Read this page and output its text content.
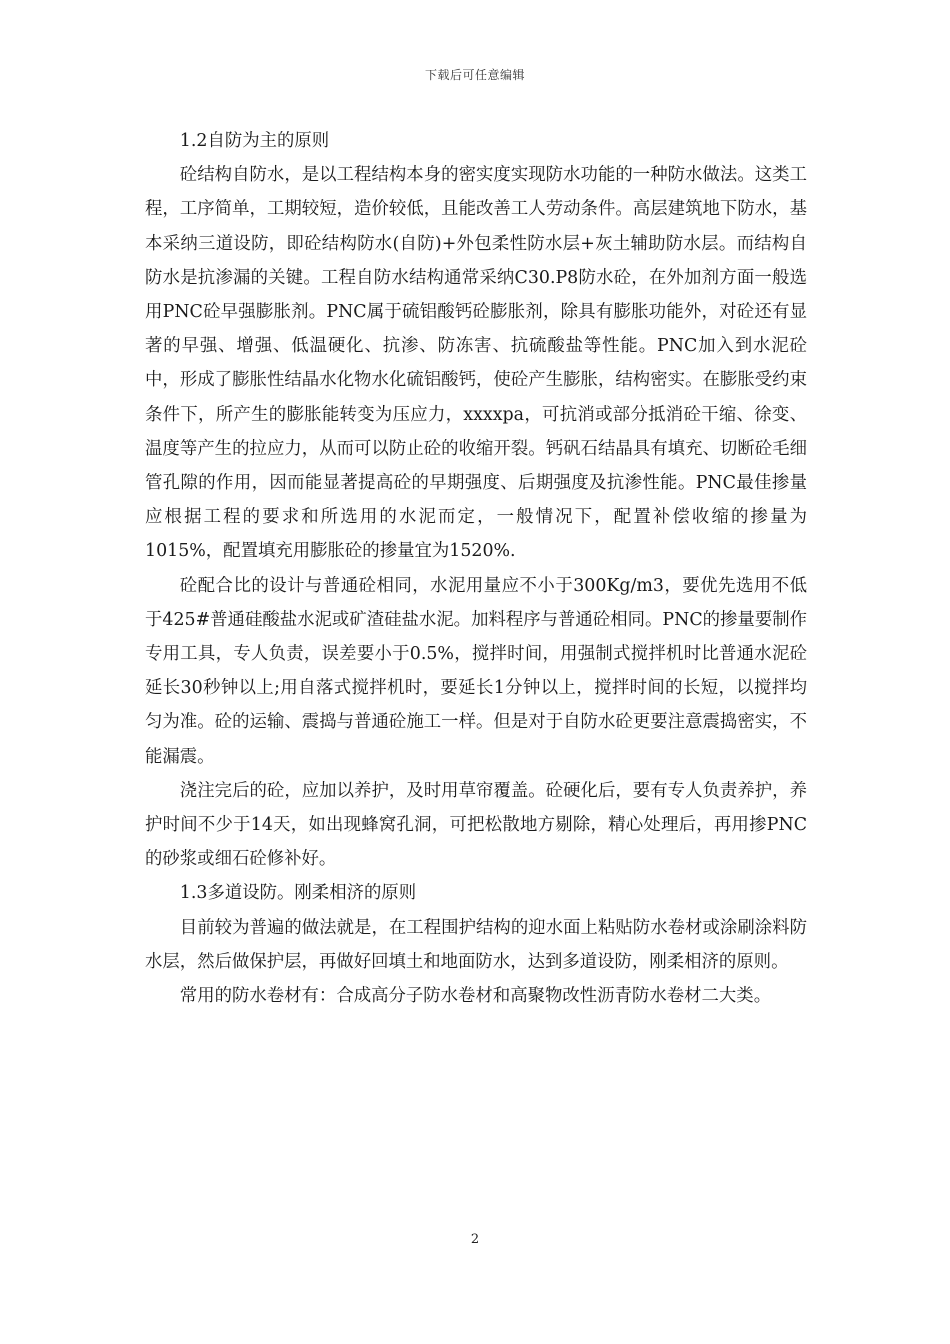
下载后可任意编辑

1.2自防为主的原则

砼结构自防水，是以工程结构本身的密实度实现防水功能的一种防水做法。这类工程，工序简单，工期较短，造价较低，且能改善工人劳动条件。高层建筑地下防水，基本采纳三道设防，即砼结构防水(自防)+外包柔性防水层+灰土辅助防水层。而结构自防水是抗渗漏的关键。工程自防水结构通常采纳C30.P8防水砼，在外加剂方面一般选用PNC砼早强膨胀剂。PNC属于硫铝酸钙砼膨胀剂，除具有膨胀功能外，对砼还有显著的早强、增强、低温硬化、抗渗、防冻害、抗硫酸盐等性能。PNC加入到水泥砼中，形成了膨胀性结晶水化物水化硫铝酸钙，使砼产生膨胀，结构密实。在膨胀受约束条件下，所产生的膨胀能转变为压应力，xxxxpa，可抗消或部分抵消砼干缩、徐变、温度等产生的拉应力，从而可以防止砼的收缩开裂。钙矾石结晶具有填充、切断砼毛细管孔隙的作用，因而能显著提高砼的早期强度、后期强度及抗渗性能。PNC最佳掺量应根据工程的要求和所选用的水泥而定，一般情况下，配置补偿收缩的掺量为1015%，配置填充用膨胀砼的掺量宜为1520%.

砼配合比的设计与普通砼相同，水泥用量应不小于300Kg/m3，要优先选用不低于425#普通硅酸盐水泥或矿渣硅盐水泥。加料程序与普通砼相同。PNC的掺量要制作专用工具，专人负责，误差要小于0.5%，搅拌时间，用强制式搅拌机时比普通水泥砼延长30秒钟以上;用自落式搅拌机时，要延长1分钟以上，搅拌时间的长短，以搅拌均匀为准。砼的运输、震捣与普通砼施工一样。但是对于自防水砼更要注意震捣密实，不能漏震。

浇注完后的砼，应加以养护，及时用草帘覆盖。砼硬化后，要有专人负责养护，养护时间不少于14天，如出现蜂窝孔洞，可把松散地方剔除，精心处理后，再用掺PNC的砂浆或细石砼修补好。

1.3多道设防。刚柔相济的原则

目前较为普遍的做法就是，在工程围护结构的迎水面上粘贴防水卷材或涂刷涂料防水层，然后做保护层，再做好回填土和地面防水，达到多道设防，刚柔相济的原则。

常用的防水卷材有：合成高分子防水卷材和高聚物改性沥青防水卷材二大类。

2
